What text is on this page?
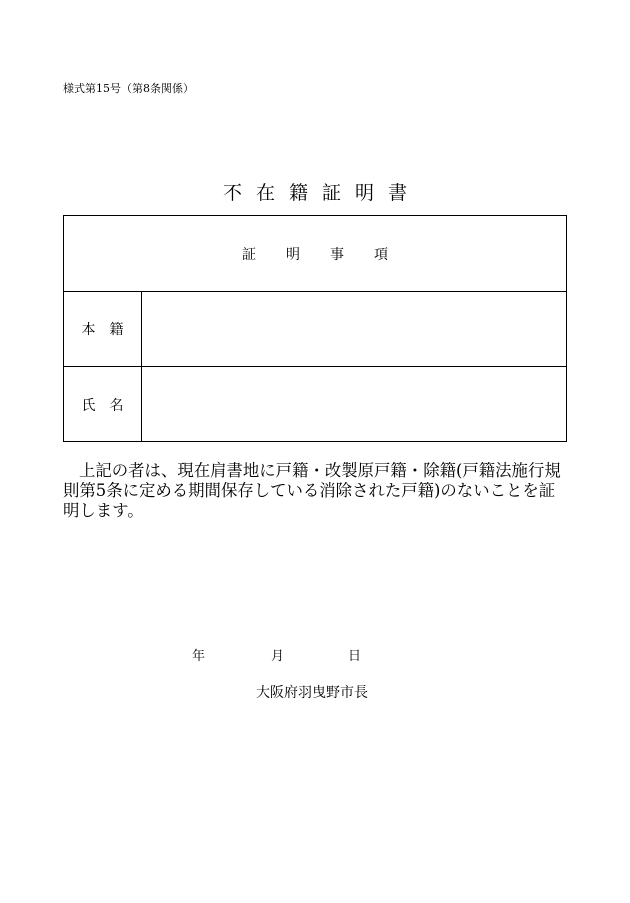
様式第15号（第8条関係）
不在籍証明書
証明事項
本籍
氏名

上記の者は、現在肩書地に戸籍・改製原戸籍・除籍(戸籍法施行規則第5条に定める期間保存している消除された戸籍)のないことを証明します。

年	月	日
大阪府羽曳野市長
